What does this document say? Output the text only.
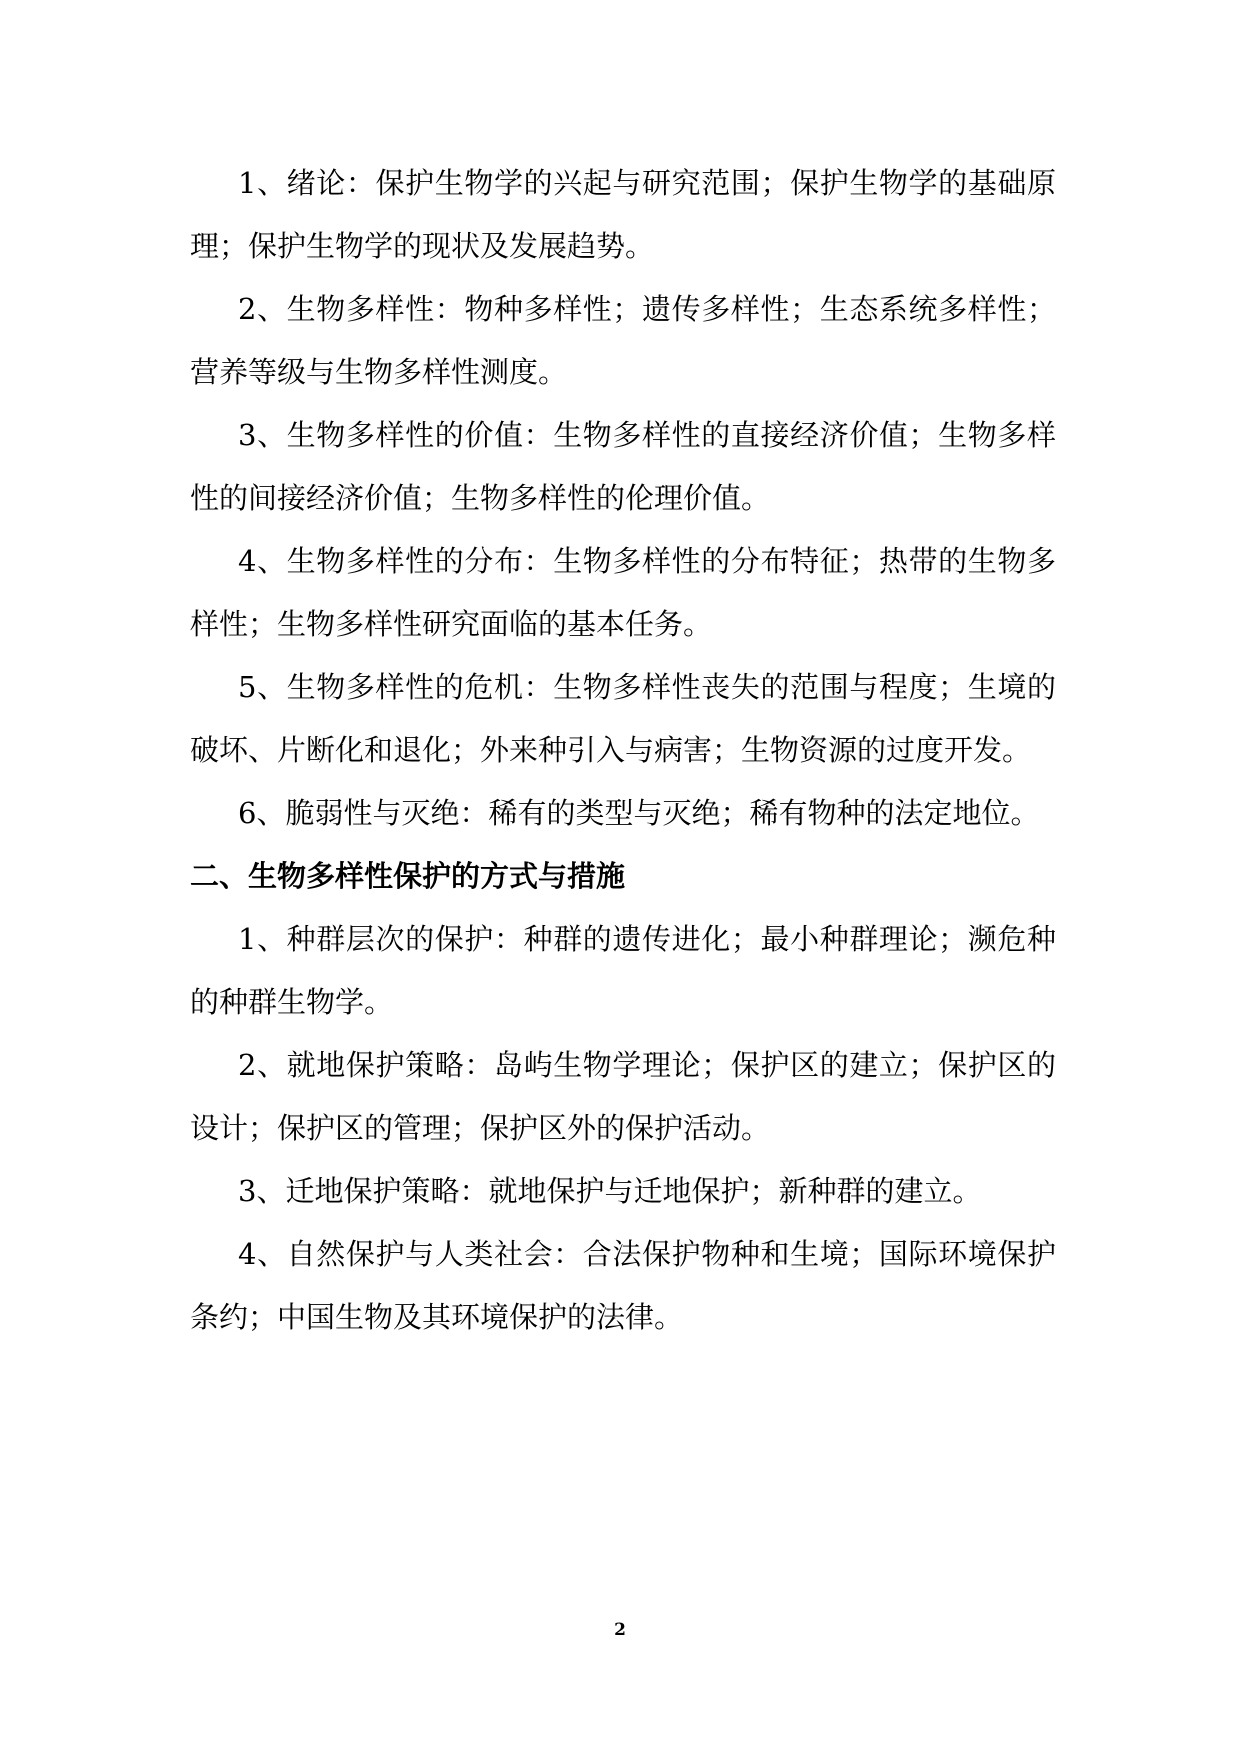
1、绪论：保护生物学的兴起与研究范围；保护生物学的基础原理；保护生物学的现状及发展趋势。

2、生物多样性：物种多样性；遗传多样性；生态系统多样性；营养等级与生物多样性测度。

3、生物多样性的价值：生物多样性的直接经济价值；生物多样性的间接经济价值；生物多样性的伦理价值。

4、生物多样性的分布：生物多样性的分布特征；热带的生物多样性；生物多样性研究面临的基本任务。

5、生物多样性的危机：生物多样性丧失的范围与程度；生境的破坏、片断化和退化；外来种引入与病害；生物资源的过度开发。

6、脆弱性与灭绝：稀有的类型与灭绝；稀有物种的法定地位。

二、生物多样性保护的方式与措施

1、种群层次的保护：种群的遗传进化；最小种群理论；濒危种的种群生物学。

2、就地保护策略：岛屿生物学理论；保护区的建立；保护区的设计；保护区的管理；保护区外的保护活动。

3、迁地保护策略：就地保护与迁地保护；新种群的建立。

4、自然保护与人类社会：合法保护物种和生境；国际环境保护条约；中国生物及其环境保护的法律。

2
